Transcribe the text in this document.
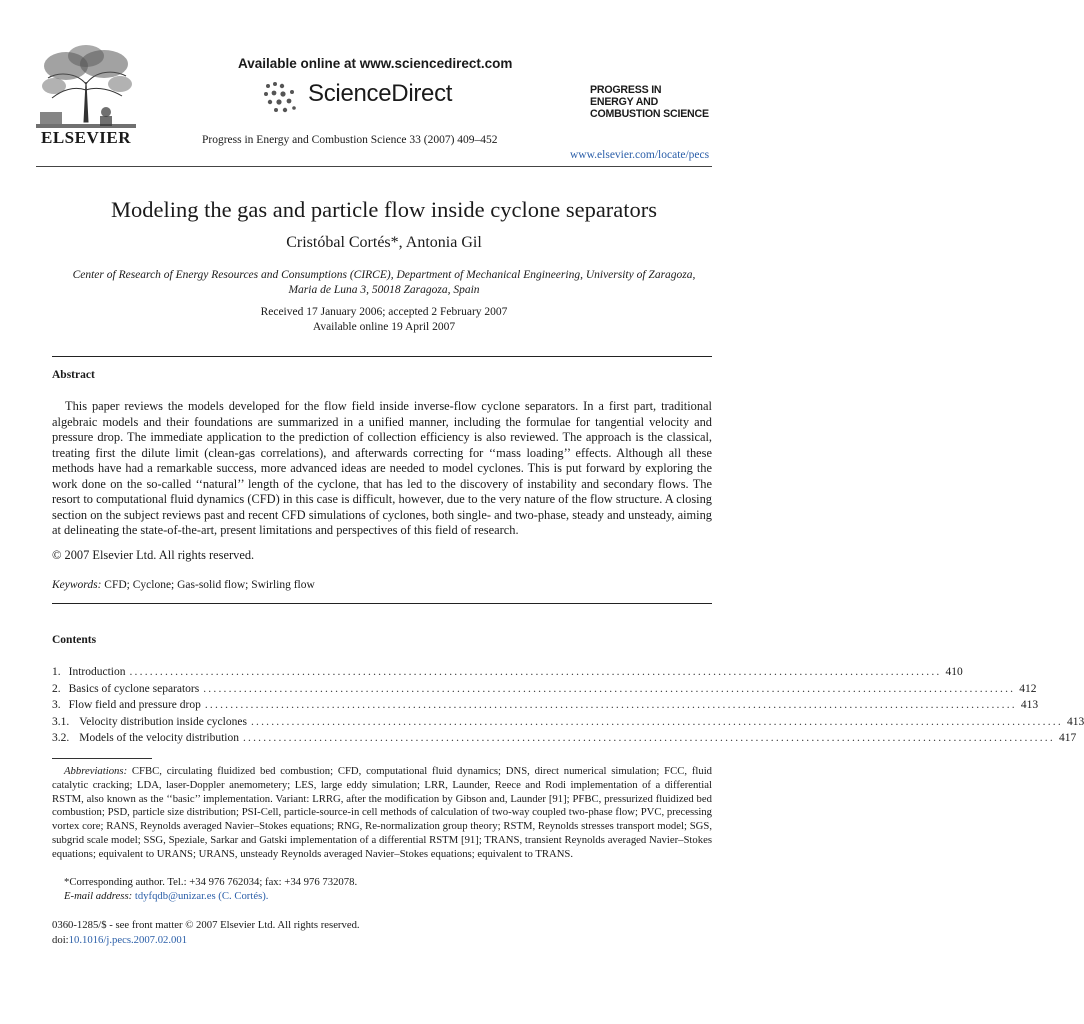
ELSEVIER
Available online at www.sciencedirect.com
ScienceDirect
Progress in Energy and Combustion Science 33 (2007) 409–452
PROGRESS IN
ENERGY AND
COMBUSTION SCIENCE
www.elsevier.com/locate/pecs
Modeling the gas and particle flow inside cyclone separators
Cristóbal Cortés*, Antonia Gil
Center of Research of Energy Resources and Consumptions (CIRCE), Department of Mechanical Engineering, University of Zaragoza,
Maria de Luna 3, 50018 Zaragoza, Spain
Received 17 January 2006; accepted 2 February 2007
Available online 19 April 2007
Abstract
This paper reviews the models developed for the flow field inside inverse-flow cyclone separators. In a first part, traditional algebraic models and their foundations are summarized in a unified manner, including the formulae for tangential velocity and pressure drop. The immediate application to the prediction of collection efficiency is also reviewed. The approach is the classical, treating first the dilute limit (clean-gas correlations), and afterwards correcting for ‘‘mass loading’’ effects. Although all these methods have had a remarkable success, more advanced ideas are needed to model cyclones. This is put forward by exploring the work done on the so-called ‘‘natural’’ length of the cyclone, that has led to the discovery of instability and secondary flows. The resort to computational fluid dynamics (CFD) in this case is difficult, however, due to the very nature of the flow structure. A closing section on the subject reviews past and recent CFD simulations of cyclones, both single- and two-phase, steady and unsteady, aiming at delineating the state-of-the-art, present limitations and perspectives of this field of research.
© 2007 Elsevier Ltd. All rights reserved.
Keywords: CFD; Cyclone; Gas-solid flow; Swirling flow
Contents
1. Introduction ................................................................................................................................................................ 410
2. Basics of cyclone separators ................................................................................................................................................................ 412
3. Flow field and pressure drop ................................................................................................................................................................ 413
3.1. Velocity distribution inside cyclones ................................................................................................................................................................ 413
3.2. Models of the velocity distribution ................................................................................................................................................................ 417
Abbreviations: CFBC, circulating fluidized bed combustion; CFD, computational fluid dynamics; DNS, direct numerical simulation; FCC, fluid catalytic cracking; LDA, laser-Doppler anemometery; LES, large eddy simulation; LRR, Launder, Reece and Rodi implementation of a differential RSTM, also known as the ‘‘basic’’ implementation. Variant: LRRG, after the modification by Gibson and, Launder [91]; PFBC, pressurized fluidized bed combustion; PSD, particle size distribution; PSI-Cell, particle-source-in cell methods of calculation of two-way coupled two-phase flow; PVC, precessing vortex core; RANS, Reynolds averaged Navier–Stokes equations; RNG, Re-normalization group theory; RSTM, Reynolds stresses transport model; SGS, subgrid scale model; SSG, Speziale, Sarkar and Gatski implementation of a differential RSTM [91]; TRANS, transient Reynolds averaged Navier–Stokes equations; equivalent to URANS; URANS, unsteady Reynolds averaged Navier–Stokes equations; equivalent to TRANS.
*Corresponding author. Tel.: +34 976 762034; fax: +34 976 732078.
E-mail address: tdyfqdb@unizar.es (C. Cortés).
0360-1285/$ - see front matter © 2007 Elsevier Ltd. All rights reserved.
doi:10.1016/j.pecs.2007.02.001
